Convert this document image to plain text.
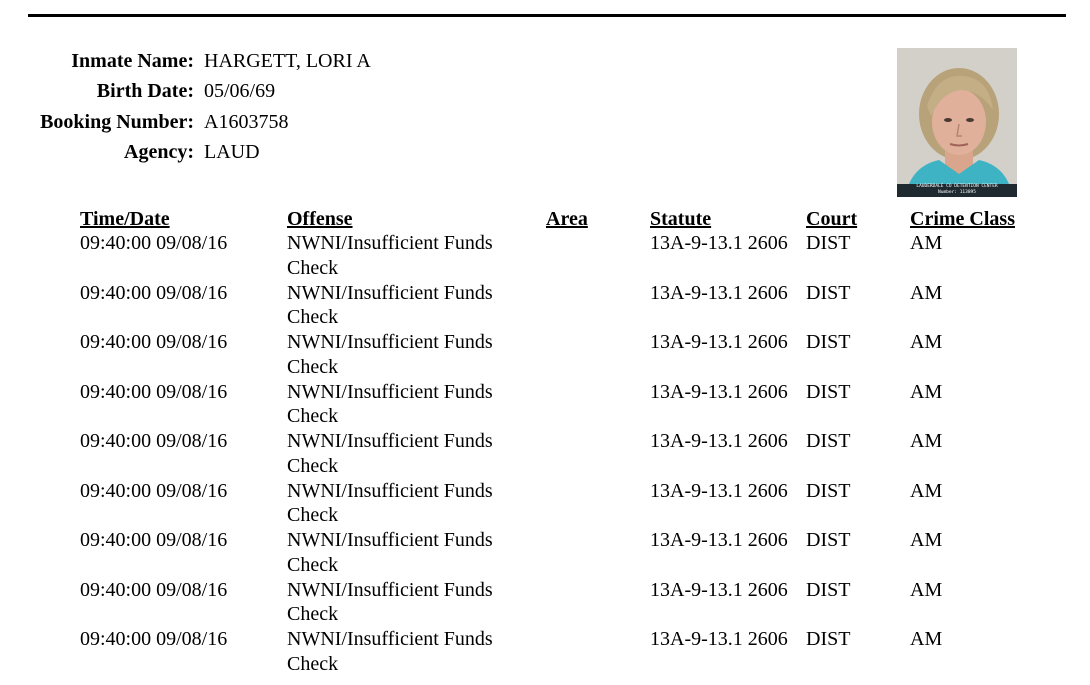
Inmate Name:	HARGETT, LORI A
Birth Date:	05/06/69
Booking Number:	A1603758
Agency:	LAUD
LAUDERDALE CO DETENTION CENTER
Number: 113895
Time/Date	Offense	Area	Statute	Court	Crime Class
09:40:00 09/08/16	NWNI/Insufficient Funds Check		13A-9-13.1 2606	DIST	AM
09:40:00 09/08/16	NWNI/Insufficient Funds Check		13A-9-13.1 2606	DIST	AM
09:40:00 09/08/16	NWNI/Insufficient Funds Check		13A-9-13.1 2606	DIST	AM
09:40:00 09/08/16	NWNI/Insufficient Funds Check		13A-9-13.1 2606	DIST	AM
09:40:00 09/08/16	NWNI/Insufficient Funds Check		13A-9-13.1 2606	DIST	AM
09:40:00 09/08/16	NWNI/Insufficient Funds Check		13A-9-13.1 2606	DIST	AM
09:40:00 09/08/16	NWNI/Insufficient Funds Check		13A-9-13.1 2606	DIST	AM
09:40:00 09/08/16	NWNI/Insufficient Funds Check		13A-9-13.1 2606	DIST	AM
09:40:00 09/08/16	NWNI/Insufficient Funds Check		13A-9-13.1 2606	DIST	AM
